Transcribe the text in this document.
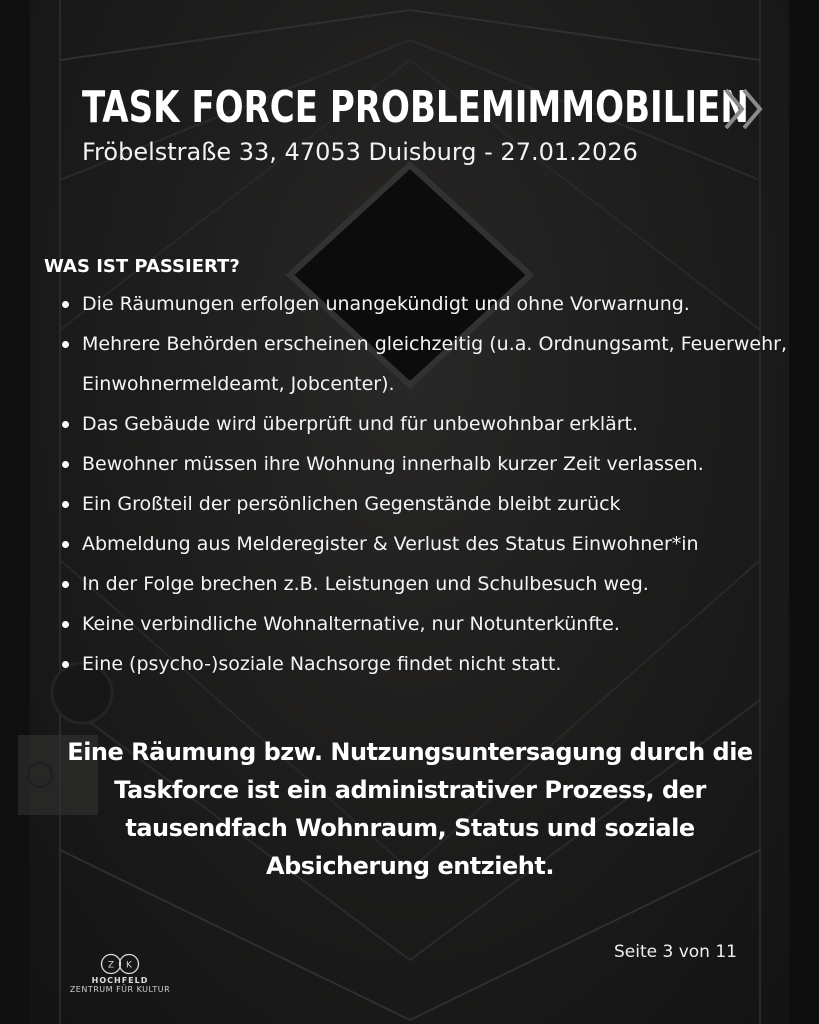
TASK FORCE PROBLEMIMMOBILIEN
Fröbelstraße 33, 47053 Duisburg - 27.01.2026
WAS IST PASSIERT?
Die Räumungen erfolgen unangekündigt und ohne Vorwarnung.
Mehrere Behörden erscheinen gleichzeitig (u.a. Ordnungsamt, Feuerwehr, Einwohnermeldeamt, Jobcenter).
Das Gebäude wird überprüft und für unbewohnbar erklärt.
Bewohner müssen ihre Wohnung innerhalb kurzer Zeit verlassen.
Ein Großteil der persönlichen Gegenstände bleibt zurück
Abmeldung aus Melderegister & Verlust des Status Einwohner*in
In der Folge brechen z.B. Leistungen und Schulbesuch weg.
Keine verbindliche Wohnalternative, nur Notunterkünfte.
Eine (psycho-)soziale Nachsorge findet nicht statt.

Eine Räumung bzw. Nutzungsuntersagung durch die Taskforce ist ein administrativer Prozess, der tausendfach Wohnraum, Status und soziale Absicherung entzieht.

Seite 3 von 11
Z K
HOCHFELD
ZENTRUM FÜR KULTUR
